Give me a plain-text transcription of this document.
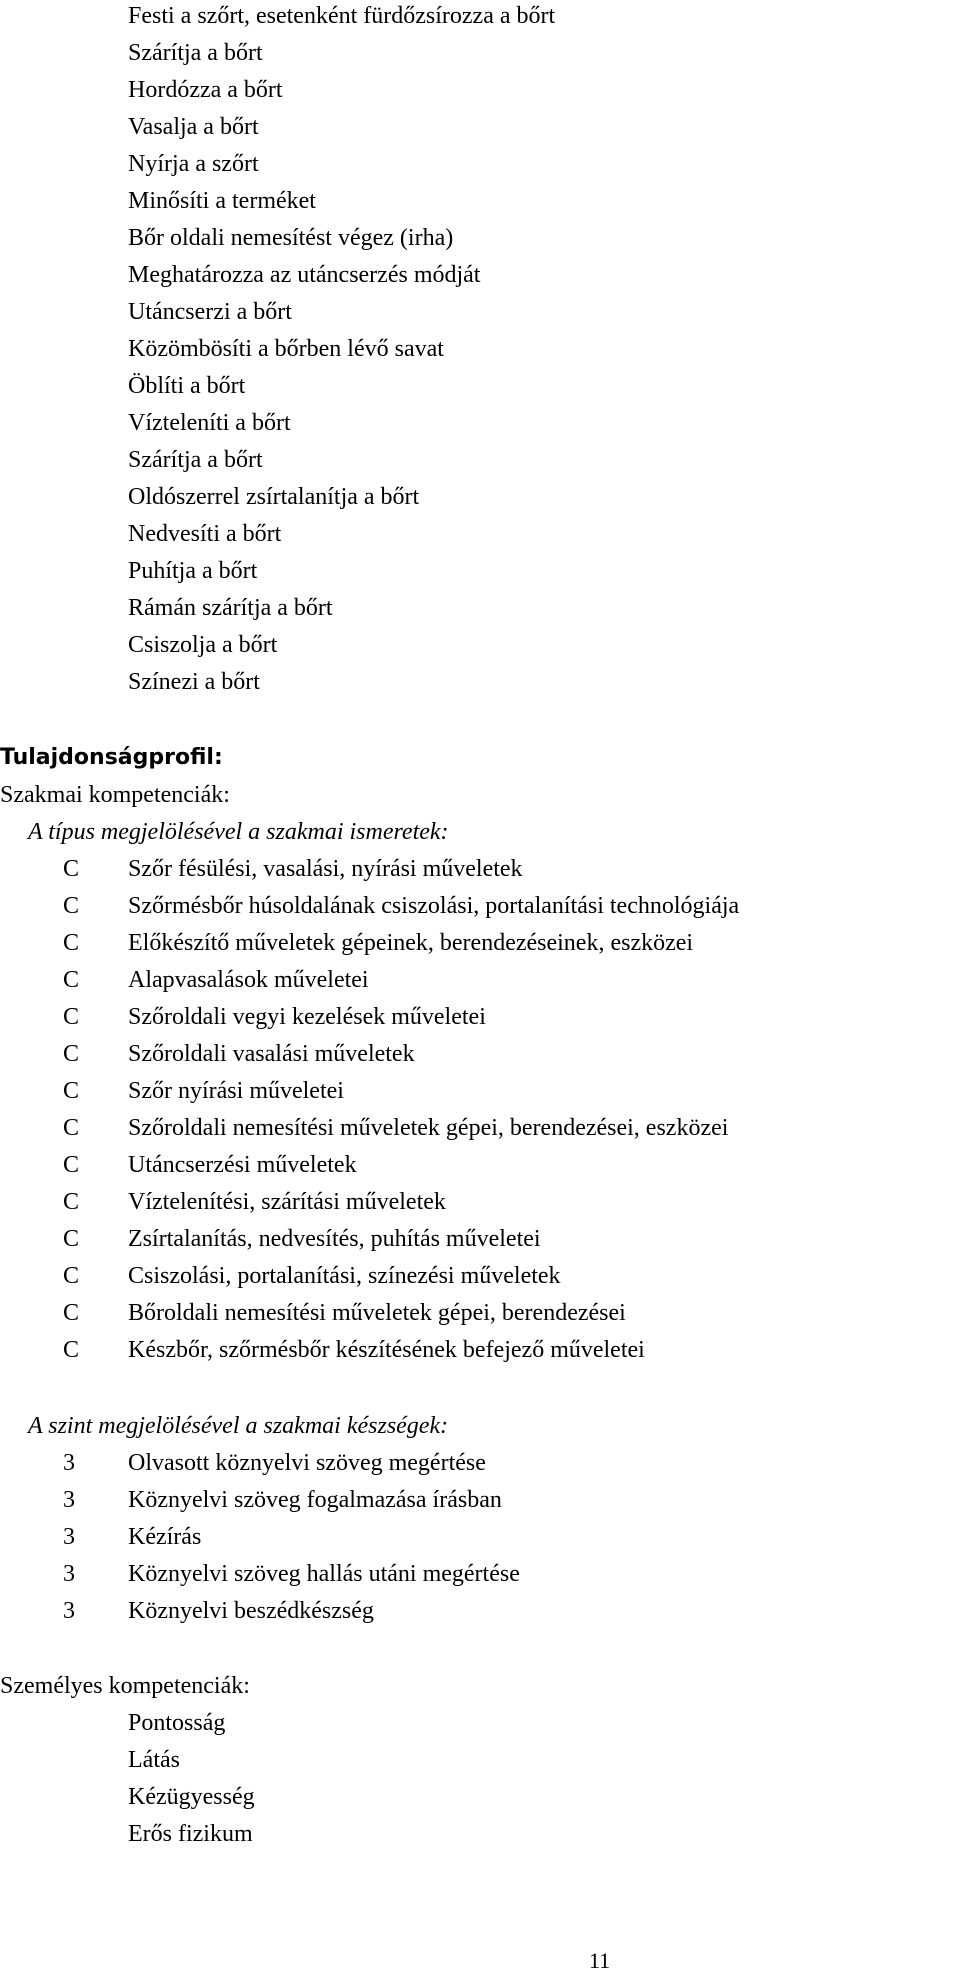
Festi a szőrt, esetenként fürdőzsírozza a bőrt
Szárítja a bőrt
Hordózza a bőrt
Vasalja a bőrt
Nyírja a szőrt
Minősíti a terméket
Bőr oldali nemesítést végez (irha)
Meghatározza az utáncserzés módját
Utáncserzi a bőrt
Közömbösíti a bőrben lévő savat
Öblíti a bőrt
Vízteleníti a bőrt
Szárítja a bőrt
Oldószerrel zsírtalanítja a bőrt
Nedvesíti a bőrt
Puhítja a bőrt
Rámán szárítja a bőrt
Csiszolja a bőrt
Színezi a bőrt
Tulajdonságprofil:
Szakmai kompetenciák:
A típus megjelölésével a szakmai ismeretek:
C	Szőr fésülési, vasalási, nyírási műveletek
C	Szőrmésbőr húsoldalának csiszolási, portalanítási technológiája
C	Előkészítő műveletek gépeinek, berendezéseinek, eszközei
C	Alapvasalások műveletei
C	Szőroldali vegyi kezelések műveletei
C	Szőroldali vasalási műveletek
C	Szőr nyírási műveletei
C	Szőroldali nemesítési műveletek gépei, berendezései, eszközei
C	Utáncserzési műveletek
C	Víztelenítési, szárítási műveletek
C	Zsírtalanítás, nedvesítés, puhítás műveletei
C	Csiszolási, portalanítási, színezési műveletek
C	Bőroldali nemesítési műveletek gépei, berendezései
C	Készbőr, szőrmésbőr készítésének befejező műveletei
A szint megjelölésével a szakmai készségek:
3	Olvasott köznyelvi szöveg megértése
3	Köznyelvi szöveg fogalmazása írásban
3	Kézírás
3	Köznyelvi szöveg hallás utáni megértése
3	Köznyelvi beszédkészség
Személyes kompetenciák:
Pontosság
Látás
Kézügyesség
Erős fizikum
11
